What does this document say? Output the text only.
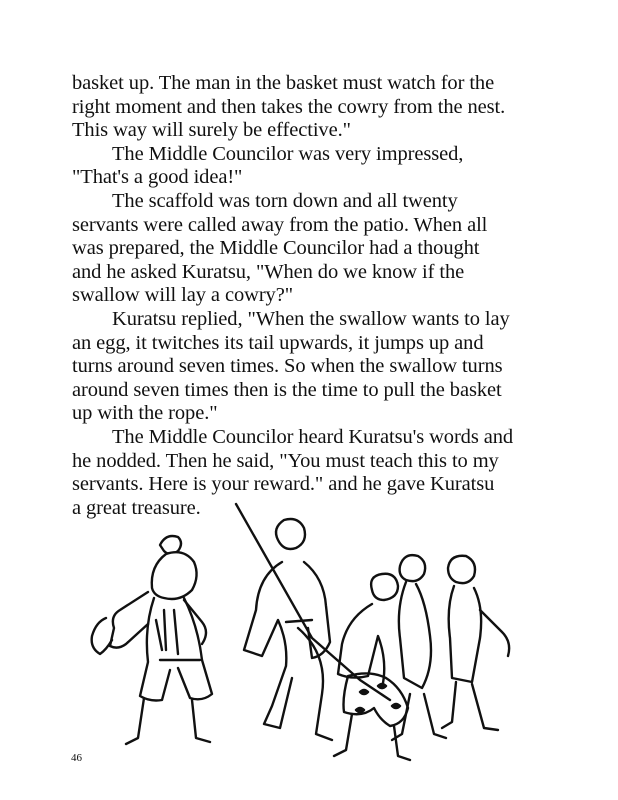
basket up. The man in the basket must watch for the
right moment and then takes the cowry from the nest.
This way will surely be effective."
The Middle Councilor was very impressed,
"That's a good idea!"
The scaffold was torn down and all twenty
servants were called away from the patio. When all
was prepared, the Middle Councilor had a thought
and he asked Kuratsu, "When do we know if the
swallow will lay a cowry?"
Kuratsu replied, "When the swallow wants to lay
an egg, it twitches its tail upwards, it jumps up and
turns around seven times. So when the swallow turns
around seven times then is the time to pull the basket
up with the rope."
The Middle Councilor heard Kuratsu's words and
he nodded. Then he said, "You must teach this to my
servants. Here is your reward." and he gave Kuratsu
a great treasure.
46
